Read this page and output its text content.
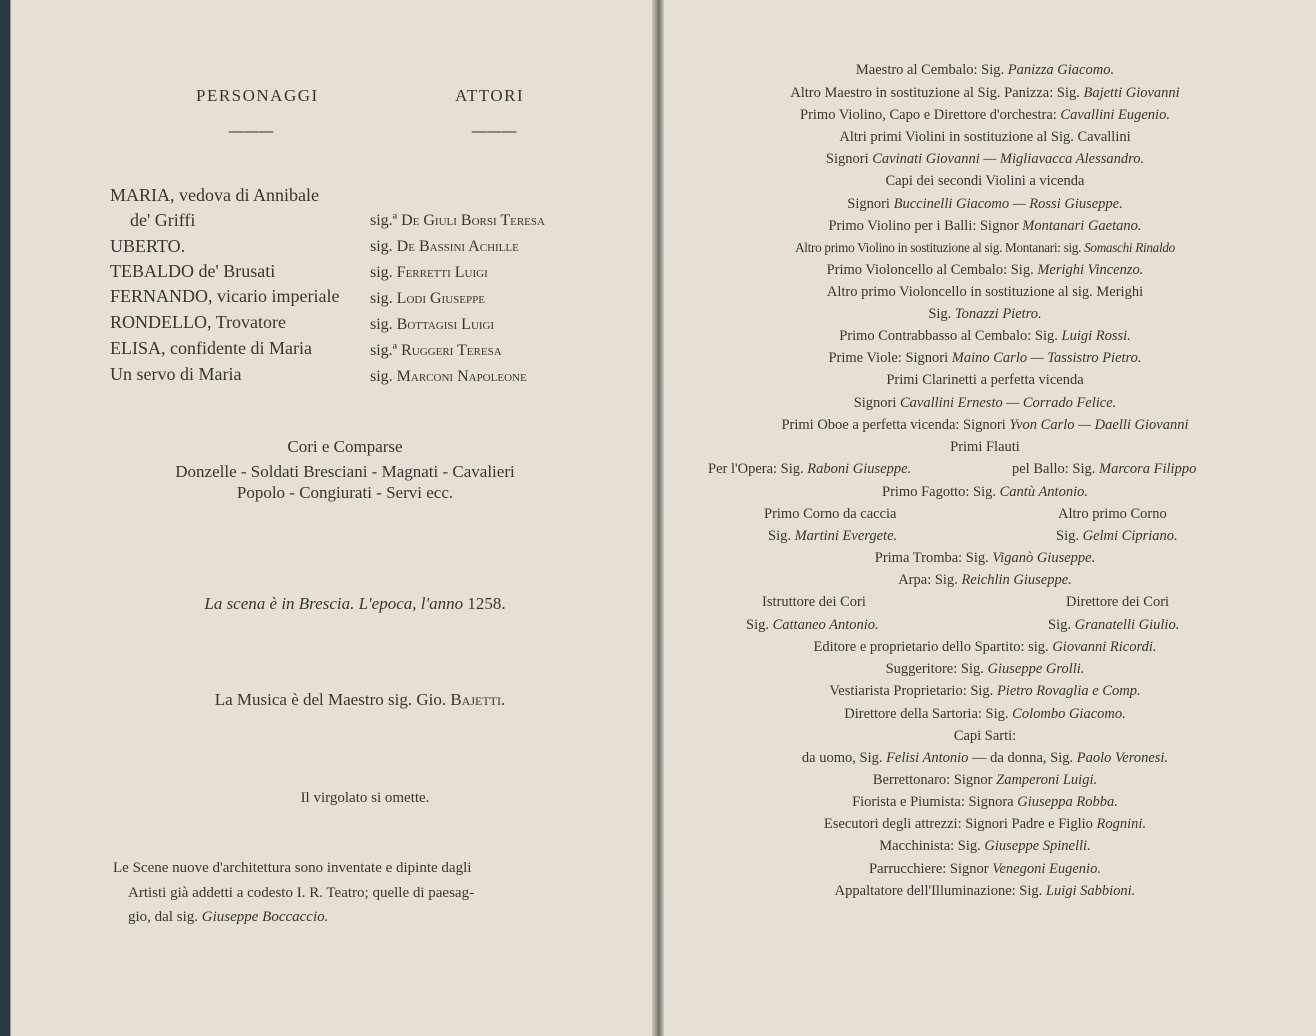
PERSONAGGI	ATTORI
———	———
MARIA, vedova di Annibale
de' Griffi	sig.ª De Giuli Borsi Teresa
UBERTO.	sig. De Bassini Achille
TEBALDO de' Brusati	sig. Ferretti Luigi
FERNANDO, vicario imperiale sig. Lodi Giuseppe
RONDELLO, Trovatore	sig. Bottagisi Luigi
ELISA, confidente di Maria	sig.ª Ruggeri Teresa
Un servo di Maria	sig. Marconi Napoleone
Cori e Comparse
Donzelle - Soldati Bresciani - Magnati - Cavalieri
Popolo - Congiurati - Servi ecc.
La scena è in Brescia. L'epoca, l'anno 1258.
La Musica è del Maestro sig. Gio. Bajetti.
Il virgolato si omette.
Le Scene nuove d'architettura sono inventate e dipinte dagli
Artisti già addetti a codesto I. R. Teatro; quelle di paesag-
gio, dal sig. Giuseppe Boccaccio.
Maestro al Cembalo: Sig. Panizza Giacomo.
Altro Maestro in sostituzione al Sig. Panizza: Sig. Bajetti Giovanni
Primo Violino, Capo e Direttore d'orchestra: Cavallini Eugenio.
Altri primi Violini in sostituzione al Sig. Cavallini
Signori Cavinati Giovanni — Migliavacca Alessandro.
Capi dei secondi Violini a vicenda
Signori Buccinelli Giacomo — Rossi Giuseppe.
Primo Violino per i Balli: Signor Montanari Gaetano.
Altro primo Violino in sostituzione al sig. Montanari: sig. Somaschi Rinaldo
Primo Violoncello al Cembalo: Sig. Merighi Vincenzo.
Altro primo Violoncello in sostituzione al sig. Merighi
Sig. Tonazzi Pietro.
Primo Contrabbasso al Cembalo: Sig. Luigi Rossi.
Prime Viole: Signori Maino Carlo — Tassistro Pietro.
Primi Clarinetti a perfetta vicenda
Signori Cavallini Ernesto — Corrado Felice.
Primi Oboe a perfetta vicenda: Signori Yvon Carlo — Daelli Giovanni
Primi Flauti
Per l'Opera: Sig. Raboni Giuseppe.	pel Ballo: Sig. Marcora Filippo
Primo Fagotto: Sig. Cantù Antonio.
Primo Corno da caccia	Altro primo Corno
Sig. Martini Evergete.	Sig. Gelmi Cipriano.
Prima Tromba: Sig. Viganò Giuseppe.
Arpa: Sig. Reichlin Giuseppe.
Istruttore dei Cori	Direttore dei Cori
Sig. Cattaneo Antonio.	Sig. Granatelli Giulio.
Editore e proprietario dello Spartito: sig. Giovanni Ricordi.
Suggeritore: Sig. Giuseppe Grolli.
Vestiarista Proprietario: Sig. Pietro Rovaglia e Comp.
Direttore della Sartoria: Sig. Colombo Giacomo.
Capi Sarti:
da uomo, Sig. Felisi Antonio — da donna, Sig. Paolo Veronesi.
Berrettonaro: Signor Zamperoni Luigi.
Fiorista e Piumista: Signora Giuseppa Robba.
Esecutori degli attrezzi: Signori Padre e Figlio Rognini.
Macchinista: Sig. Giuseppe Spinelli.
Parrucchiere: Signor Venegoni Eugenio.
Appaltatore dell'Illuminazione: Sig. Luigi Sabbioni.
